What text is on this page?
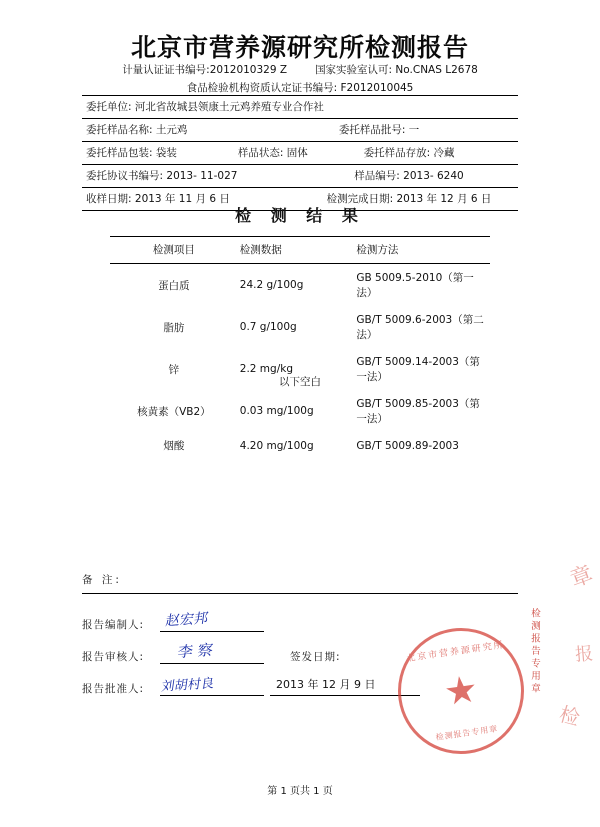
北京市营养源研究所检测报告
计量认证证书编号:2012010329 Z	国家实验室认可: No.CNAS L2678
食品检验机构资质认定证书编号: F2012010045
委托单位: 河北省故城县领康土元鸡养殖专业合作社
委托样品名称: 土元鸡	委托样品批号: 一
委托样品包装: 袋装	样品状态: 固体	委托样品存放: 冷藏
委托协议书编号: 2013- 11-027	样品编号: 2013- 6240
收样日期: 2013 年 11 月 6 日	检测完成日期: 2013 年 12 月 6 日
检 测 结 果
检测项目	检测数据	检测方法
蛋白质	24.2 g/100g	GB 5009.5-2010（第一法）
脂肪	0.7 g/100g	GB/T 5009.6-2003（第二法）
锌	2.2 mg/kg	GB/T 5009.14-2003（第一法）
核黄素（VB2）	0.03 mg/100g	GB/T 5009.85-2003（第一法）
烟酸	4.20 mg/100g	GB/T 5009.89-2003
以下空白
备 注:
报告编制人:	赵宏邦
报告审核人:	李 察	签发日期:
报告批准人:	刘胡村良	2013 年 12 月 9 日
北京市营养源研究所
检测报告专用章
检测报告专用章
章
报
检
第 1 页共 1 页
